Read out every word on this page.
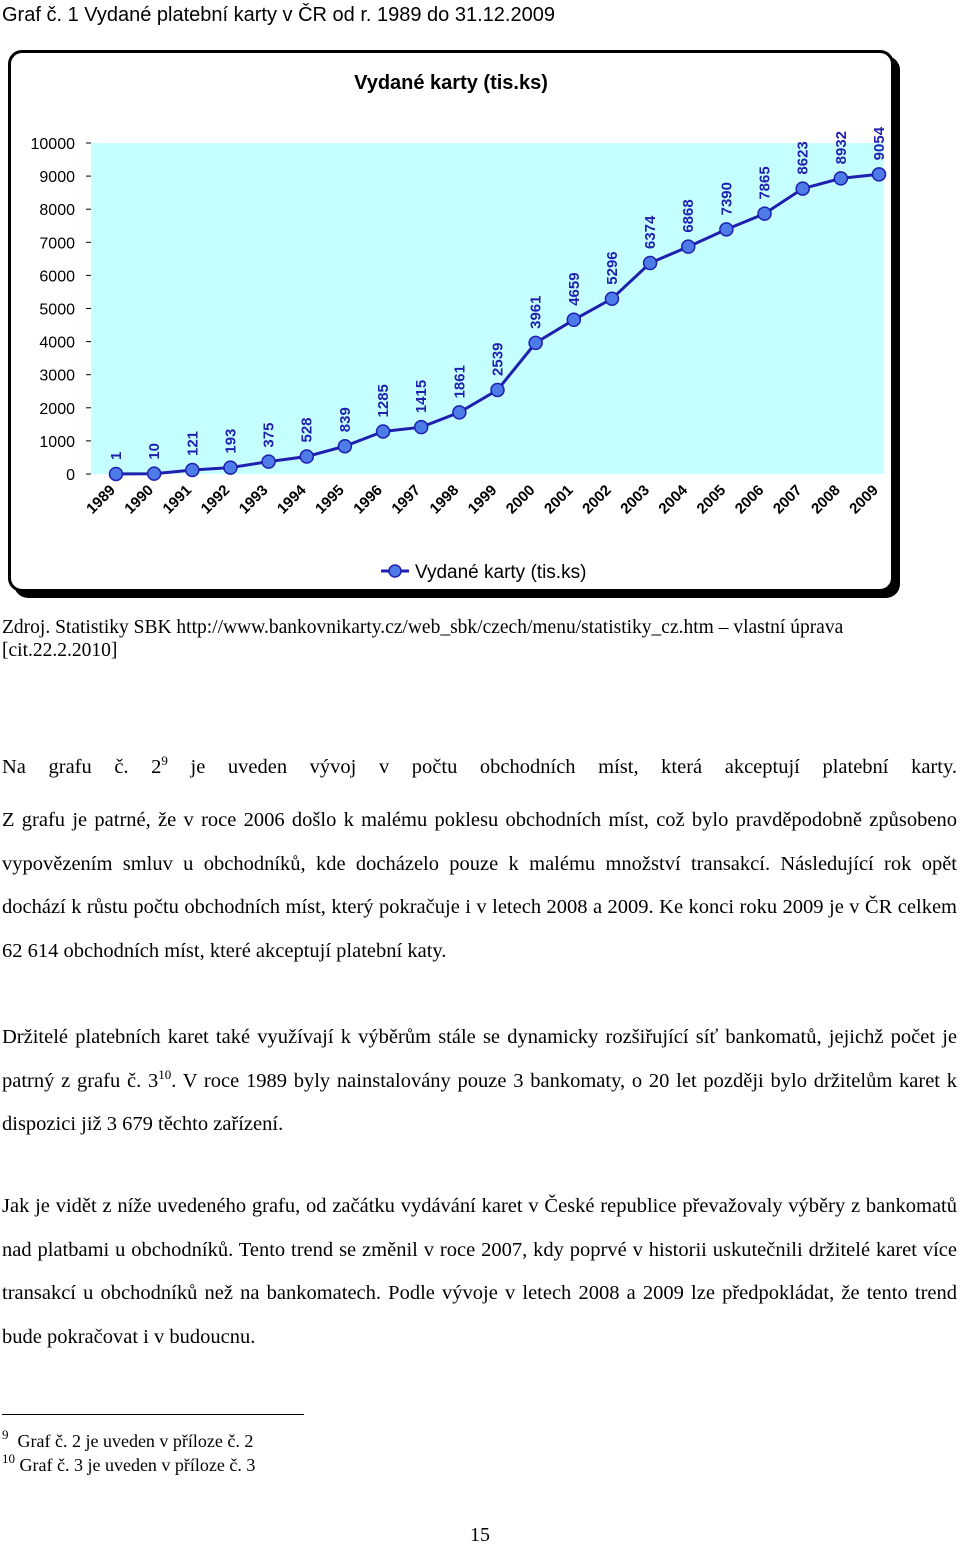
Graf č. 1 Vydané platební karty v ČR od r. 1989 do 31.12.2009
Vydané karty (tis.ks)
0
1000
2000
3000
4000
5000
6000
7000
8000
9000
10000
1989 1990 1991 1992 1993 1994 1995 1996 1997 1998 1999 2000 2001 2002 2003 2004 2005 2006 2007 2008 2009
1 10 121 193 375 528 839
1285 1415 1861
2539
3961
4659
5296
6374 6868
7390 7865
8623 8932 9054
Vydané karty (tis.ks)
Zdroj. Statistiky SBK http://www.bankovnikarty.cz/web_sbk/czech/menu/statistiky_cz.htm – vlastní úprava
[cit.22.2.2010]
Na grafu č. $2^9$ je uveden vývoj v počtu obchodních míst, která akceptují platební karty.
Z grafu je patrné, že v roce 2006 došlo k malému poklesu obchodních míst, což bylo pravděpodobně způsobeno vypovězením smluv u obchodníků, kde docházelo pouze k malému množství transakcí. Následující rok opět dochází k růstu počtu obchodních míst, který pokračuje i v letech 2008 a 2009. Ke konci roku 2009 je v ČR celkem 62 614 obchodních míst, které akceptují platební katy.
Držitelé platebních karet také využívají k výběrům stále se dynamicky rozšiřující síť bankomatů, jejichž počet je patrný z grafu č. $3^{10}$. V roce 1989 byly nainstalovány pouze 3 bankomaty, o 20 let později bylo držitelům karet k dispozici již 3 679 těchto zařízení.
Jak je vidět z níže uvedeného grafu, od začátku vydávání karet v České republice převažovaly výběry z bankomatů nad platbami u obchodníků. Tento trend se změnil v roce 2007, kdy poprvé v historii uskutečnili držitelé karet více transakcí u obchodníků než na bankomatech. Podle vývoje v letech 2008 a 2009 lze předpokládat, že tento trend bude pokračovat i v budoucnu.
$^9$ Graf č. 2 je uveden v příloze č. 2
$^{10}$ Graf č. 3 je uveden v příloze č. 3
15
